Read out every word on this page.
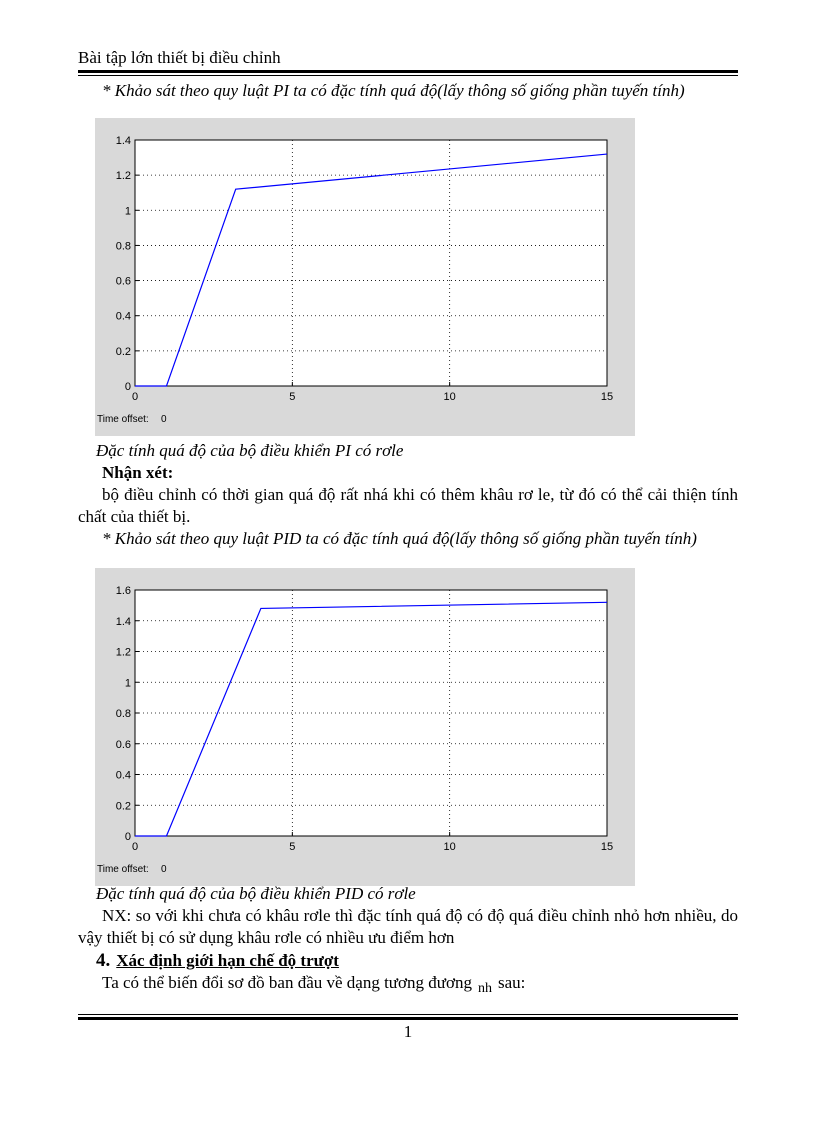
Bài tập lớn thiết bị điều chỉnh
* Khảo sát theo quy luật PI ta có đặc tính quá độ(lấy thông số giống phần tuyến tính)
0	5	10	15
0
0.2
0.4
0.6
0.8
1
1.2
1.4
Time offset: 0
Đặc tính quá độ của bộ điều khiển PI có rơle
Nhận xét:
bộ điều chỉnh có thời gian quá độ rất nhá khi có thêm khâu rơ le, từ đó có thể cải thiện tính chất của thiết bị.
* Khảo sát theo quy luật PID ta có đặc tính quá độ(lấy thông số giống phần tuyến tính)
0	5	10	15
0
0.2
0.4
0.6
0.8
1
1.2
1.4
1.6
Time offset: 0
Đặc tính quá độ của bộ điều khiển PID có rơle
NX: so với khi chưa có khâu rơle thì đặc tính quá độ có độ quá điều chỉnh nhỏ hơn nhiều, do vậy thiết bị có sử dụng khâu rơle có nhiều ưu điểm hơn
4. Xác định giới hạn chế độ trượt
Ta có thể biến đổi sơ đồ ban đầu về dạng tương đương $_{nh}$ sau:
1
